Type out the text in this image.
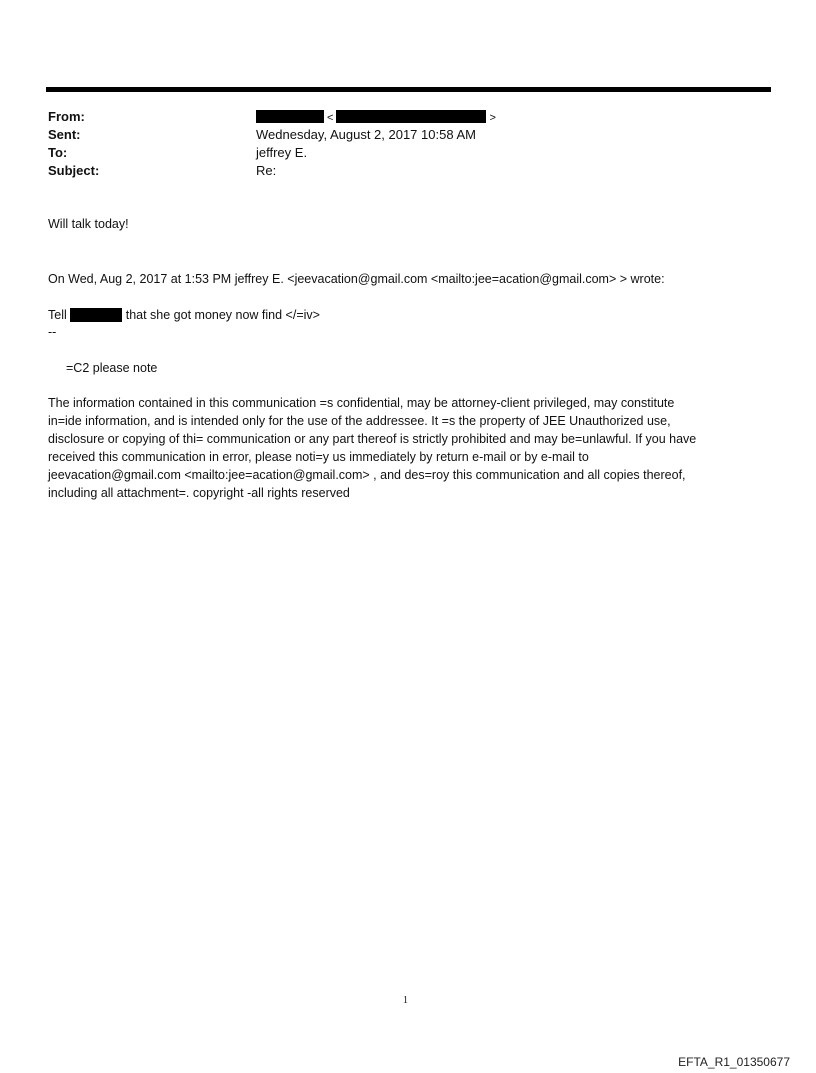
From:	<	>
Sent:	Wednesday, August 2, 2017 10:58 AM
To:	jeffrey E.
Subject:	Re:
Will talk today!
On Wed, Aug 2, 2017 at 1:53 PM jeffrey E. <jeevacation@gmail.com <mailto:jee=acation@gmail.com> > wrote:
Tell	that she got money now find </=iv>
--
=C2 please note
The information contained in this communication =s confidential, may be attorney-client privileged, may constitute
in=ide information, and is intended only for the use of the addressee. It =s the property of JEE Unauthorized use,
disclosure or copying of thi= communication or any part thereof is strictly prohibited and may be=unlawful. If you have
received this communication in error, please noti=y us immediately by return e-mail or by e-mail to
jeevacation@gmail.com <mailto:jee=acation@gmail.com> , and des=roy this communication and all copies thereof,
including all attachment=. copyright -all rights reserved
1
EFTA_R1_01350677
